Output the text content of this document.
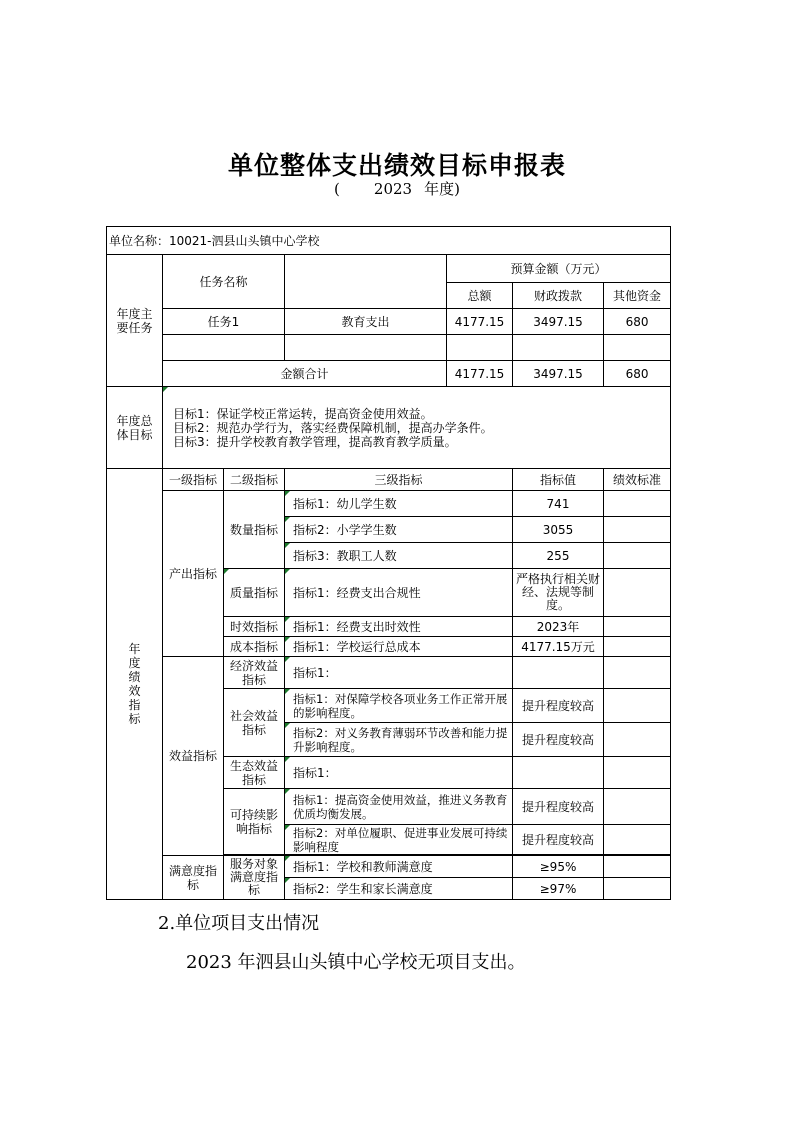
单位整体支出绩效目标申报表
( 2023 年度)
单位名称：10021-泗县山头镇中心学校						

年度主要任务	任务名称			预算金额（万元）		
				总额	财政拨款	其他资金
	任务1		教育支出	4177.15	3497.15	680

	金额合计			4177.15	3497.15	680

年度总体目标	目标1：保证学校正常运转，提高资金使用效益。
目标2：规范办学行为，落实经费保障机制，提高办学条件。
目标3：提升学校教育教学管理，提高教育教学质量。					

年度绩效指标	一级指标	二级指标	三级指标		指标值	绩效标准
	产出指标	数量指标	指标1：幼儿学生数		741	
			指标2：小学学生数		3055	
			指标3：教职工人数		255	
		质量指标	指标1：经费支出合规性		严格执行相关财经、法规等制度。	
		时效指标	指标1：经费支出时效性		2023年	
		成本指标	指标1：学校运行总成本		4177.15万元	
	效益指标	经济效益指标	指标1：			
		社会效益指标	指标1：对保障学校各项业务工作正常开展的影响程度。		提升程度较高	
			指标2：对义务教育薄弱环节改善和能力提升影响程度。		提升程度较高	
		生态效益指标	指标1：			
		可持续影响指标	指标1：提高资金使用效益，推进义务教育优质均衡发展。		提升程度较高	
			指标2：对单位履职、促进事业发展可持续影响程度		提升程度较高	

	满意度指标	服务对象满意度指标	指标1：学校和教师满意度		≥95%	
			指标2：学生和家长满意度		≥97%	
2.单位项目支出情况
2023 年泗县山头镇中心学校无项目支出。
